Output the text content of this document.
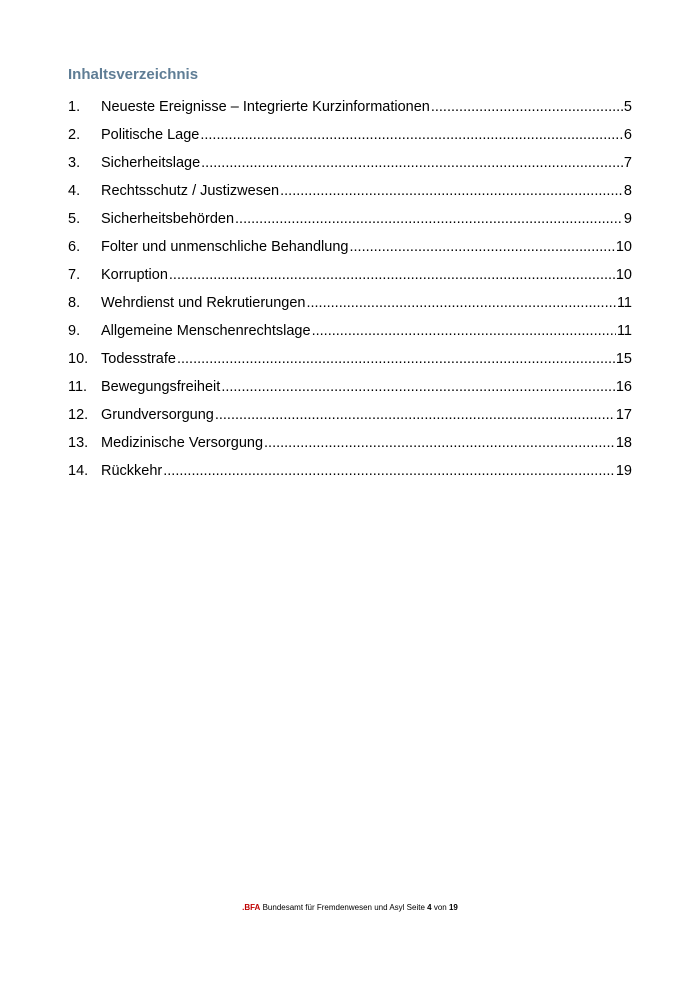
Inhaltsverzeichnis
1.	Neueste Ereignisse – Integrierte Kurzinformationen .....	5
2.	Politische Lage .....	6
3.	Sicherheitslage .....	7
4.	Rechtsschutz / Justizwesen .....	8
5.	Sicherheitsbehörden .....	9
6.	Folter und unmenschliche Behandlung .....	10
7.	Korruption .....	10
8.	Wehrdienst und Rekrutierungen .....	11
9.	Allgemeine Menschenrechtslage .....	11
10. Todesstrafe .....	15
11. Bewegungsfreiheit .....	16
12. Grundversorgung .....	17
13. Medizinische Versorgung .....	18
14. Rückkehr .....	19
.BFA Bundesamt für Fremdenwesen und Asyl Seite 4 von 19
